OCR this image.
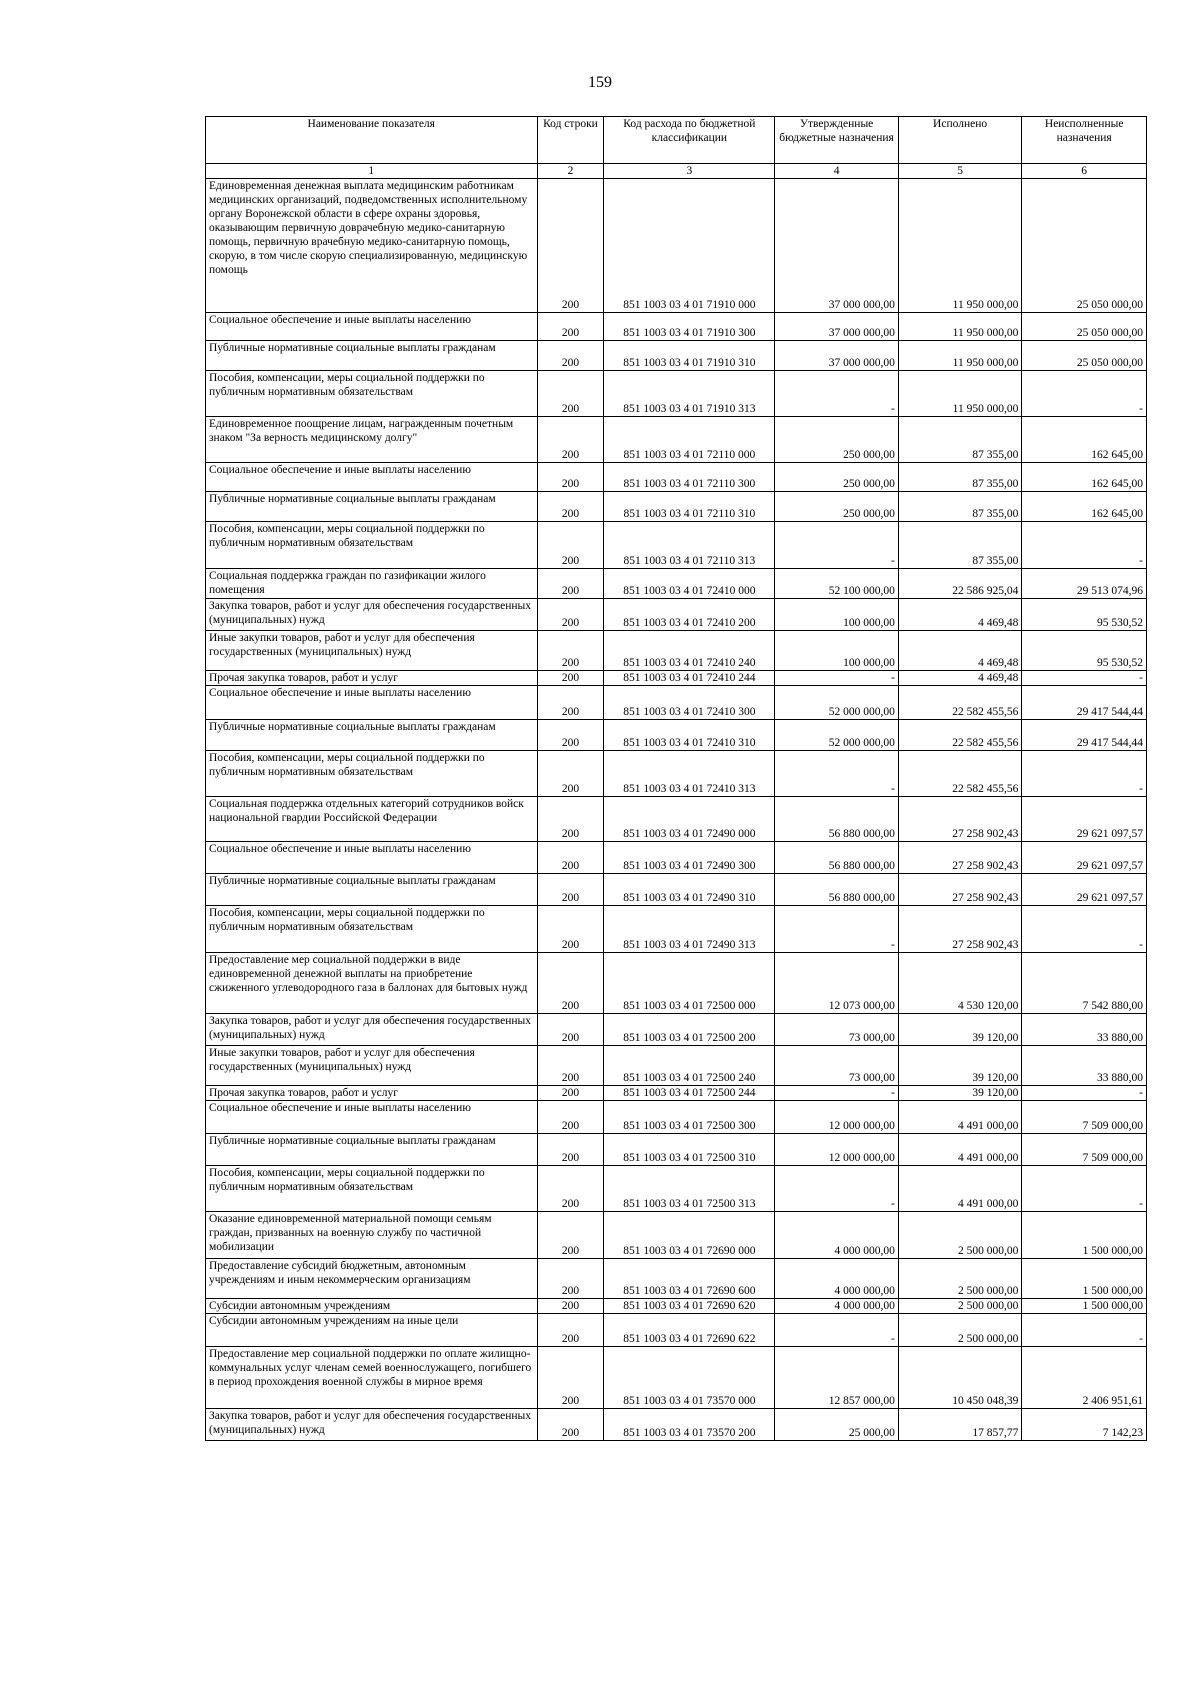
159
Наименование показателя	Код строки	Код расхода по бюджетной классификации	Утвержденные бюджетные назначения	Исполнено	Неисполненные назначения
1	2	3	4	5	6
Единовременная денежная выплата медицинским работникам медицинских организаций, подведомственных исполнительному органу Воронежской области в сфере охраны здоровья, оказывающим первичную доврачебную медико-санитарную помощь, первичную врачебную медико-санитарную помощь, скорую, в том числе скорую специализированную, медицинскую помощь	200	851 1003 03 4 01 71910 000	37 000 000,00	11 950 000,00	25 050 000,00
Социальное обеспечение и иные выплаты населению	200	851 1003 03 4 01 71910 300	37 000 000,00	11 950 000,00	25 050 000,00
Публичные нормативные социальные выплаты гражданам	200	851 1003 03 4 01 71910 310	37 000 000,00	11 950 000,00	25 050 000,00
Пособия, компенсации, меры социальной поддержки по публичным нормативным обязательствам	200	851 1003 03 4 01 71910 313	-	11 950 000,00	-
Единовременное поощрение лицам, награжденным почетным знаком "За верность медицинскому долгу"	200	851 1003 03 4 01 72110 000	250 000,00	87 355,00	162 645,00
Социальное обеспечение и иные выплаты населению	200	851 1003 03 4 01 72110 300	250 000,00	87 355,00	162 645,00
Публичные нормативные социальные выплаты гражданам	200	851 1003 03 4 01 72110 310	250 000,00	87 355,00	162 645,00
Пособия, компенсации, меры социальной поддержки по публичным нормативным обязательствам	200	851 1003 03 4 01 72110 313	-	87 355,00	-
Социальная поддержка граждан по газификации жилого помещения	200	851 1003 03 4 01 72410 000	52 100 000,00	22 586 925,04	29 513 074,96
Закупка товаров, работ и услуг для обеспечения государственных (муниципальных) нужд	200	851 1003 03 4 01 72410 200	100 000,00	4 469,48	95 530,52
Иные закупки товаров, работ и услуг для обеспечения государственных (муниципальных) нужд	200	851 1003 03 4 01 72410 240	100 000,00	4 469,48	95 530,52
Прочая закупка товаров, работ и услуг	200	851 1003 03 4 01 72410 244	-	4 469,48	-
Социальное обеспечение и иные выплаты населению	200	851 1003 03 4 01 72410 300	52 000 000,00	22 582 455,56	29 417 544,44
Публичные нормативные социальные выплаты гражданам	200	851 1003 03 4 01 72410 310	52 000 000,00	22 582 455,56	29 417 544,44
Пособия, компенсации, меры социальной поддержки по публичным нормативным обязательствам	200	851 1003 03 4 01 72410 313	-	22 582 455,56	-
Социальная поддержка отдельных категорий сотрудников войск национальной гвардии Российской Федерации	200	851 1003 03 4 01 72490 000	56 880 000,00	27 258 902,43	29 621 097,57
Социальное обеспечение и иные выплаты населению	200	851 1003 03 4 01 72490 300	56 880 000,00	27 258 902,43	29 621 097,57
Публичные нормативные социальные выплаты гражданам	200	851 1003 03 4 01 72490 310	56 880 000,00	27 258 902,43	29 621 097,57
Пособия, компенсации, меры социальной поддержки по публичным нормативным обязательствам	200	851 1003 03 4 01 72490 313	-	27 258 902,43	-
Предоставление мер социальной поддержки в виде единовременной денежной выплаты на приобретение сжиженного углеводородного газа в баллонах для бытовых нужд	200	851 1003 03 4 01 72500 000	12 073 000,00	4 530 120,00	7 542 880,00
Закупка товаров, работ и услуг для обеспечения государственных (муниципальных) нужд	200	851 1003 03 4 01 72500 200	73 000,00	39 120,00	33 880,00
Иные закупки товаров, работ и услуг для обеспечения государственных (муниципальных) нужд	200	851 1003 03 4 01 72500 240	73 000,00	39 120,00	33 880,00
Прочая закупка товаров, работ и услуг	200	851 1003 03 4 01 72500 244	-	39 120,00	-
Социальное обеспечение и иные выплаты населению	200	851 1003 03 4 01 72500 300	12 000 000,00	4 491 000,00	7 509 000,00
Публичные нормативные социальные выплаты гражданам	200	851 1003 03 4 01 72500 310	12 000 000,00	4 491 000,00	7 509 000,00
Пособия, компенсации, меры социальной поддержки по публичным нормативным обязательствам	200	851 1003 03 4 01 72500 313	-	4 491 000,00	-
Оказание единовременной материальной помощи семьям граждан, призванных на военную службу по частичной мобилизации	200	851 1003 03 4 01 72690 000	4 000 000,00	2 500 000,00	1 500 000,00
Предоставление субсидий бюджетным, автономным учреждениям и иным некоммерческим организациям	200	851 1003 03 4 01 72690 600	4 000 000,00	2 500 000,00	1 500 000,00
Субсидии автономным учреждениям	200	851 1003 03 4 01 72690 620	4 000 000,00	2 500 000,00	1 500 000,00
Субсидии автономным учреждениям на иные цели	200	851 1003 03 4 01 72690 622	-	2 500 000,00	-
Предоставление мер социальной поддержки по оплате жилищно-коммунальных услуг членам семей военнослужащего, погибшего в период прохождения военной службы в мирное время	200	851 1003 03 4 01 73570 000	12 857 000,00	10 450 048,39	2 406 951,61
Закупка товаров, работ и услуг для обеспечения государственных (муниципальных) нужд	200	851 1003 03 4 01 73570 200	25 000,00	17 857,77	7 142,23
